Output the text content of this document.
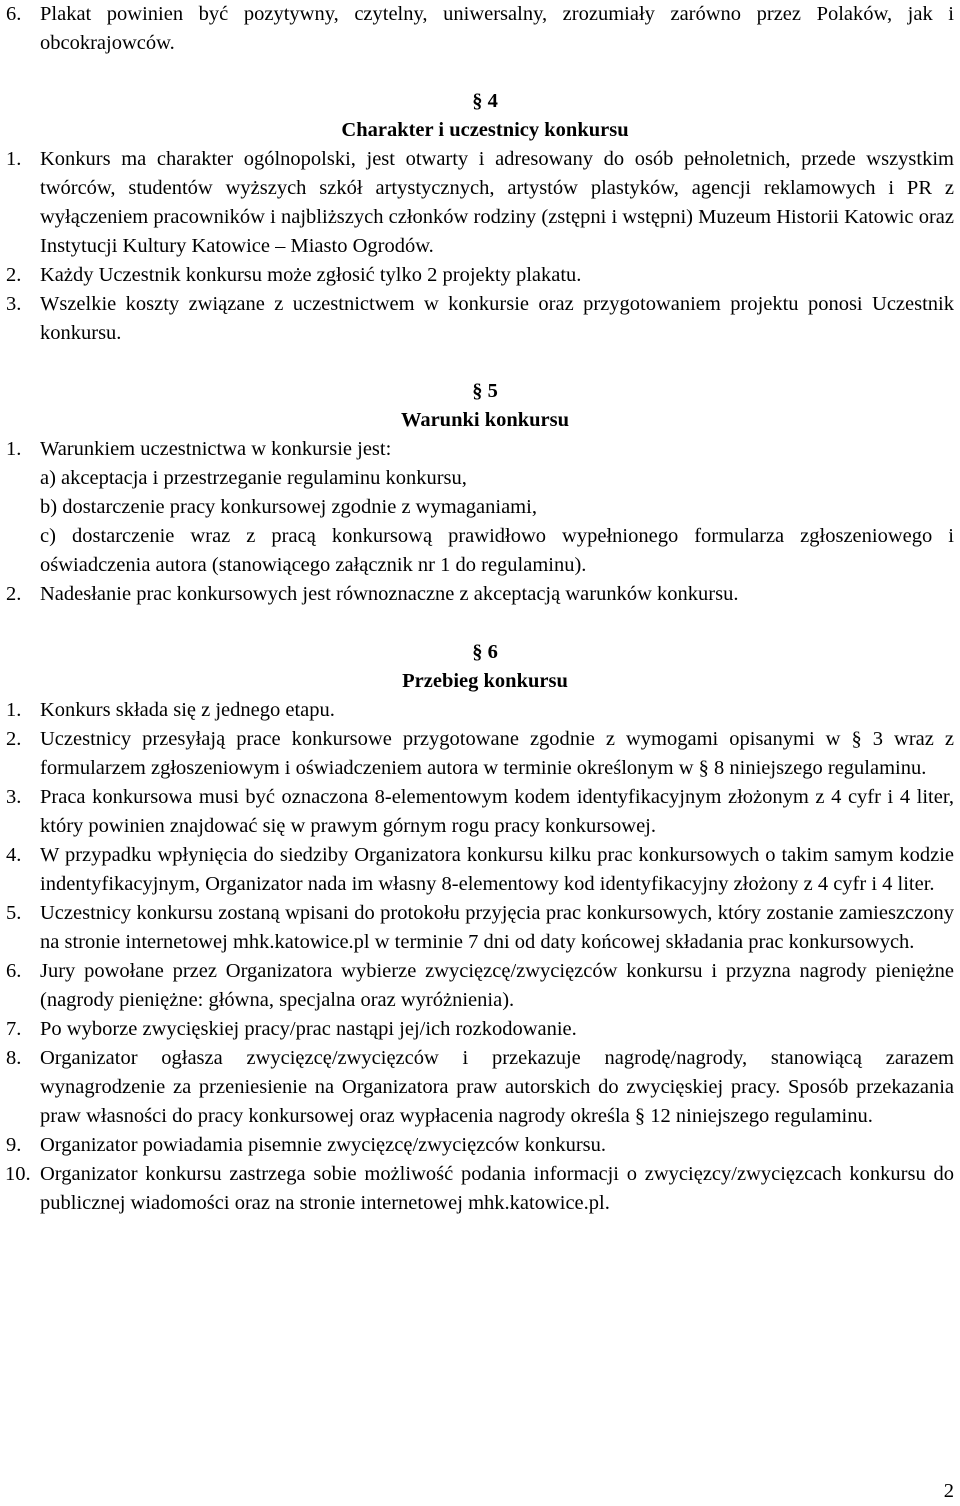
6. Plakat powinien być pozytywny, czytelny, uniwersalny, zrozumiały zarówno przez Polaków, jak i obcokrajowców.
§ 4
Charakter i uczestnicy konkursu
1. Konkurs ma charakter ogólnopolski, jest otwarty i adresowany do osób pełnoletnich, przede wszystkim twórców, studentów wyższych szkół artystycznych, artystów plastyków, agencji reklamowych i PR z wyłączeniem pracowników i najbliższych członków rodziny (zstępni i wstępni) Muzeum Historii Katowic oraz Instytucji Kultury Katowice – Miasto Ogrodów.
2. Każdy Uczestnik konkursu może zgłosić tylko 2 projekty plakatu.
3. Wszelkie koszty związane z uczestnictwem w konkursie oraz przygotowaniem projektu ponosi Uczestnik konkursu.
§ 5
Warunki konkursu
1. Warunkiem uczestnictwa w konkursie jest:
a) akceptacja i przestrzeganie regulaminu konkursu,
b) dostarczenie pracy konkursowej zgodnie z wymaganiami,
c) dostarczenie wraz z pracą konkursową prawidłowo wypełnionego formularza zgłoszeniowego i oświadczenia autora (stanowiącego załącznik nr 1 do regulaminu).
2. Nadesłanie prac konkursowych jest równoznaczne z akceptacją warunków konkursu.
§ 6
Przebieg konkursu
1. Konkurs składa się z jednego etapu.
2. Uczestnicy przesyłają prace konkursowe przygotowane zgodnie z wymogami opisanymi w § 3 wraz z formularzem zgłoszeniowym i oświadczeniem autora w terminie określonym w § 8 niniejszego regulaminu.
3. Praca konkursowa musi być oznaczona 8-elementowym kodem identyfikacyjnym złożonym z 4 cyfr i 4 liter, który powinien znajdować się w prawym górnym rogu pracy konkursowej.
4. W przypadku wpłynięcia do siedziby Organizatora konkursu kilku prac konkursowych o takim samym kodzie indentyfikacyjnym, Organizator nada im własny 8-elementowy kod identyfikacyjny złożony z 4 cyfr i 4 liter.
5. Uczestnicy konkursu zostaną wpisani do protokołu przyjęcia prac konkursowych, który zostanie zamieszczony na stronie internetowej mhk.katowice.pl w terminie 7 dni od daty końcowej składania prac konkursowych.
6. Jury powołane przez Organizatora wybierze zwycięzcę/zwycięzców konkursu i przyzna nagrody pieniężne (nagrody pieniężne: główna, specjalna oraz wyróżnienia).
7. Po wyborze zwycięskiej pracy/prac nastąpi jej/ich rozkodowanie.
8. Organizator ogłasza zwycięzcę/zwycięzców i przekazuje nagrodę/nagrody, stanowiącą zarazem wynagrodzenie za przeniesienie na Organizatora praw autorskich do zwycięskiej pracy. Sposób przekazania praw własności do pracy konkursowej oraz wypłacenia nagrody określa § 12 niniejszego regulaminu.
9. Organizator powiadamia pisemnie zwycięzcę/zwycięzców konkursu.
10. Organizator konkursu zastrzega sobie możliwość podania informacji o zwycięzcy/zwycięzcach konkursu do publicznej wiadomości oraz na stronie internetowej mhk.katowice.pl.
2
